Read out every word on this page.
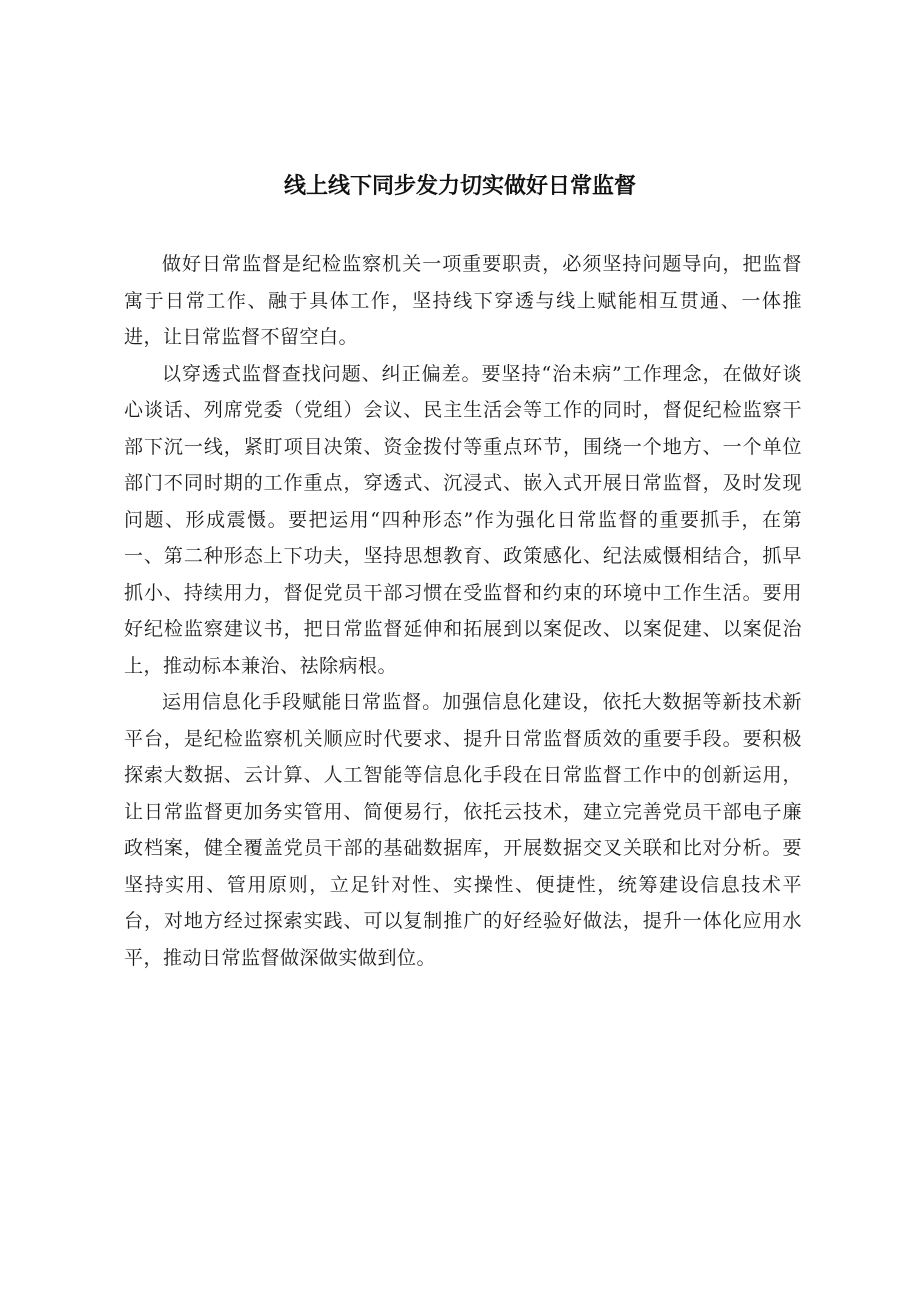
线上线下同步发力切实做好日常监督

做好日常监督是纪检监察机关一项重要职责，必须坚持问题导向，把监督寓于日常工作、融于具体工作，坚持线下穿透与线上赋能相互贯通、一体推进，让日常监督不留空白。

以穿透式监督查找问题、纠正偏差。要坚持“治未病”工作理念，在做好谈心谈话、列席党委（党组）会议、民主生活会等工作的同时，督促纪检监察干部下沉一线，紧盯项目决策、资金拨付等重点环节，围绕一个地方、一个单位部门不同时期的工作重点，穿透式、沉浸式、嵌入式开展日常监督，及时发现问题、形成震慑。要把运用“四种形态”作为强化日常监督的重要抓手，在第一、第二种形态上下功夫，坚持思想教育、政策感化、纪法威慑相结合，抓早抓小、持续用力，督促党员干部习惯在受监督和约束的环境中工作生活。要用好纪检监察建议书，把日常监督延伸和拓展到以案促改、以案促建、以案促治上，推动标本兼治、祛除病根。

运用信息化手段赋能日常监督。加强信息化建设，依托大数据等新技术新平台，是纪检监察机关顺应时代要求、提升日常监督质效的重要手段。要积极探索大数据、云计算、人工智能等信息化手段在日常监督工作中的创新运用，让日常监督更加务实管用、简便易行，依托云技术，建立完善党员干部电子廉政档案，健全覆盖党员干部的基础数据库，开展数据交叉关联和比对分析。要坚持实用、管用原则，立足针对性、实操性、便捷性，统筹建设信息技术平台，对地方经过探索实践、可以复制推广的好经验好做法，提升一体化应用水平，推动日常监督做深做实做到位。
